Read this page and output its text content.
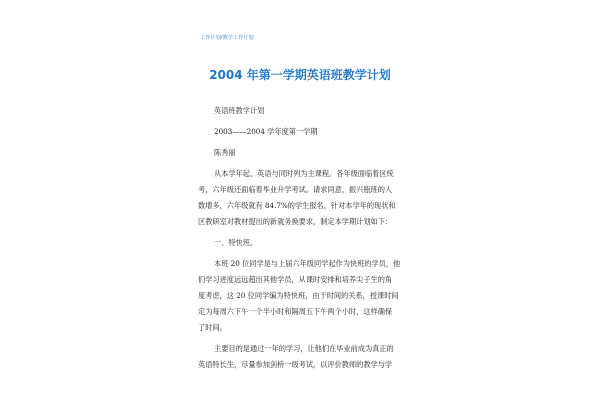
工作计划/教学工作计划
2004 年第一学期英语班教学计划
英语班教学计划
2003——2004 学年度第一学期
陈秀丽
从本学年起，英语与同时列为主课程。各年级面临着区统
考，六年级还面临着毕业升学考试。请求同意，振兴瓶班的人
数增多，六年级就有 84.7%的学生报名，针对本学年的现状和
区教研室对教材提出的新就务换要求，制定本学期计划如下：
一、特快班。
本班 20 位同学是与上届六年级同学起作为快班的学员，他
们学习进度远远超出其他学员，从课时安排和培养尖子生的角
度考虑，这 20 位同学编为特快班，由于时间的关系，授课时间
定为每周六下午一个半小时和隔周五下午两个小时，这样确保
了时间。
主要目的是通过一年的学习，让他们在毕业前成为真正的
英语特长生，尽量参加剑桥一级考试，以评价教师的教学与学
